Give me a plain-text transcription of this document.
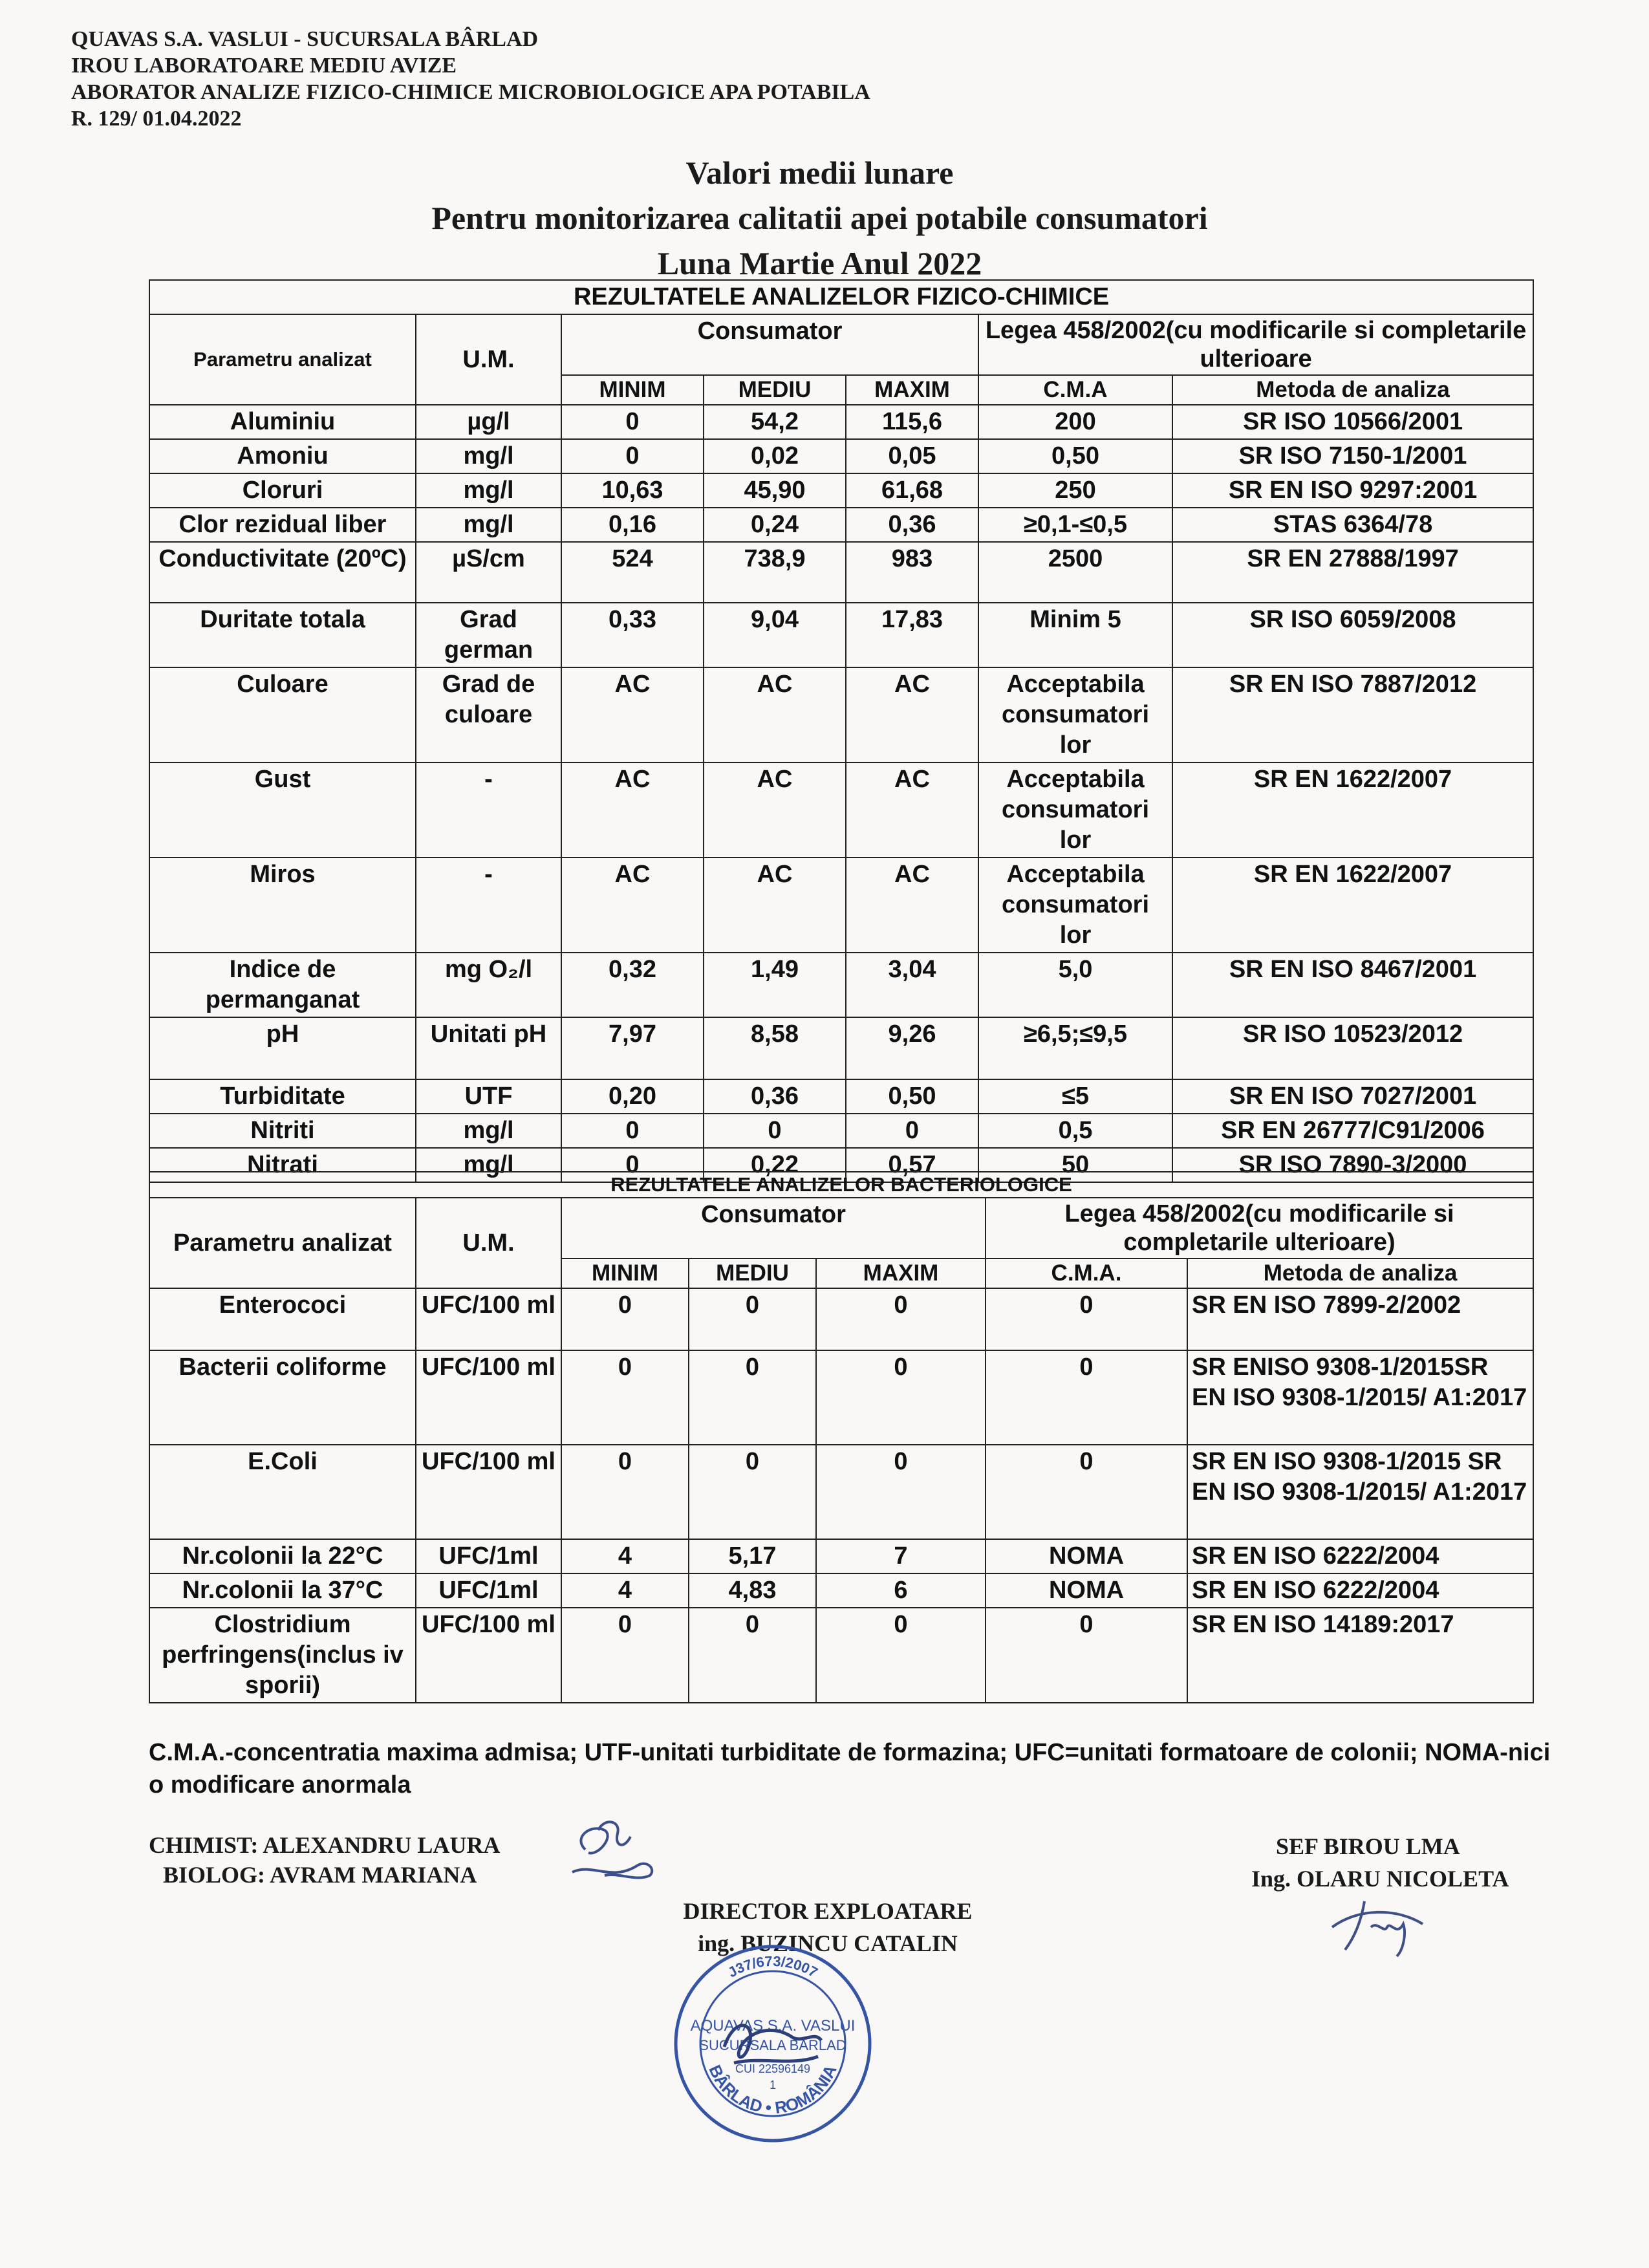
QUAVAS S.A. VASLUI - SUCURSALA BÂRLAD
IROU LABORATOARE MEDIU AVIZE
ABORATOR ANALIZE FIZICO-CHIMICE MICROBIOLOGICE APA POTABILA
R. 129/ 01.04.2022
Valori medii lunare
Pentru monitorizarea calitatii apei potabile consumatori
Luna Martie Anul 2022
REZULTATELE ANALIZELOR FIZICO-CHIMICE						
Parametru analizat	U.M.	Consumator			Legea 458/2002(cu modificarile si completarile ulterioare	
		MINIM	MEDIU	MAXIM	C.M.A	Metoda de analiza
Aluminiu	µg/l	0	54,2	115,6	200	SR ISO 10566/2001
Amoniu	mg/l	0	0,02	0,05	0,50	SR ISO 7150-1/2001
Cloruri	mg/l	10,63	45,90	61,68	250	SR EN ISO 9297:2001
Clor rezidual liber	mg/l	0,16	0,24	0,36	≥0,1-≤0,5	STAS 6364/78
Conductivitate (20ºC)	µS/cm	524	738,9	983	2500	SR EN 27888/1997
Duritate totala	Grad german	0,33	9,04	17,83	Minim 5	SR ISO 6059/2008
Culoare	Grad de culoare	AC	AC	AC	Acceptabila consumatori lor	SR EN ISO 7887/2012
Gust	-	AC	AC	AC	Acceptabila consumatori lor	SR EN 1622/2007
Miros	-	AC	AC	AC	Acceptabila consumatori lor	SR EN 1622/2007
Indice de permanganat	mg O₂/l	0,32	1,49	3,04	5,0	SR EN ISO 8467/2001
pH	Unitati pH	7,97	8,58	9,26	≥6,5;≤9,5	SR ISO 10523/2012
Turbiditate	UTF	0,20	0,36	0,50	≤5	SR EN ISO 7027/2001
Nitriti	mg/l	0	0	0	0,5	SR EN 26777/C91/2006
Nitrati	mg/l	0	0,22	0,57	50	SR ISO 7890-3/2000
REZULTATELE ANALIZELOR BACTERIOLOGICE						
Parametru analizat	U.M.	Consumator			Legea 458/2002(cu modificarile si completarile ulterioare)	
		MINIM	MEDIU	MAXIM	C.M.A.	Metoda de analiza
Enterococi	UFC/100 ml	0	0	0	0	SR EN ISO 7899-2/2002
Bacterii coliforme	UFC/100 ml	0	0	0	0	SR ENISO 9308-1/2015SR EN ISO 9308-1/2015/ A1:2017
E.Coli	UFC/100 ml	0	0	0	0	SR EN ISO 9308-1/2015 SR EN ISO 9308-1/2015/ A1:2017
Nr.colonii la 22°C	UFC/1ml	4	5,17	7	NOMA	SR EN ISO 6222/2004
Nr.colonii la 37°C	UFC/1ml	4	4,83	6	NOMA	SR EN ISO 6222/2004
Clostridium perfringens(inclus iv sporii)	UFC/100 ml	0	0	0	0	SR EN ISO 14189:2017
C.M.A.-concentratia maxima admisa; UTF-unitati turbiditate de formazina; UFC=unitati formatoare de colonii; NOMA-nici o modificare anormala
CHIMIST: ALEXANDRU LAURA
BIOLOG: AVRAM MARIANA
SEF BIROU LMA
Ing. OLARU NICOLETA
DIRECTOR EXPLOATARE
ing. BUZINCU CATALIN
J37/673/2007
BÂRLAD • ROMÂNIA
AQUAVAS S.A. VASLUI
SUCURSALA BÂRLAD
CUI 22596149
1
